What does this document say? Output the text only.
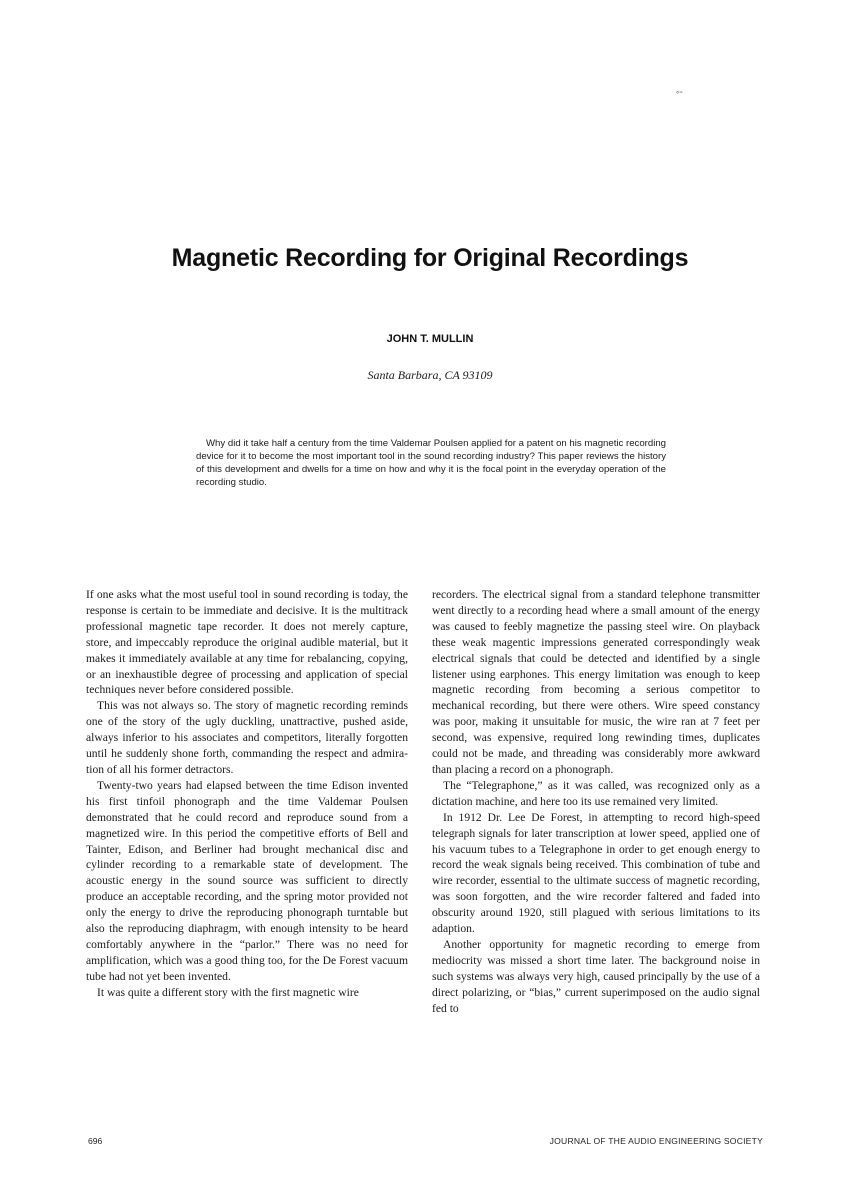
°‘ʻ
Magnetic Recording for Original Recordings
JOHN T. MULLIN
Santa Barbara, CA 93109

Why did it take half a century from the time Valdemar Poulsen applied for a patent on his magnetic recording device for it to become the most important tool in the sound recording industry? This paper reviews the history of this development and dwells for a time on how and why it is the focal point in the everyday operation of the recording studio.

If one asks what the most useful tool in sound recording is today, the response is certain to be immediate and decisive. It is the multitrack professional magnetic tape recorder. It does not merely capture, store, and impeccably reproduce the original audible material, but it makes it immediately available at any time for rebalancing, copying, or an inexhaustible degree of processing and application of special techniques never before considered possible.

This was not always so. The story of magnetic recording reminds one of the story of the ugly duckling, unattractive, pushed aside, always inferior to his associates and competitors, literally forgotten until he suddenly shone forth, commanding the respect and admiration of all his former detractors.

Twenty-two years had elapsed between the time Edison invented his first tinfoil phonograph and the time Valdemar Poulsen demonstrated that he could record and reproduce sound from a magnetized wire. In this period the competitive efforts of Bell and Tainter, Edison, and Berliner had brought mechanical disc and cylinder recording to a remarkable state of development. The acoustic energy in the sound source was sufficient to directly produce an acceptable recording, and the spring motor provided not only the energy to drive the reproducing phonograph turntable but also the reproducing diaphragm, with enough intensity to be heard comfortably anywhere in the “parlor.” There was no need for amplification, which was a good thing too, for the De Forest vacuum tube had not yet been invented.

It was quite a different story with the first magnetic wire

recorders. The electrical signal from a standard telephone transmitter went directly to a recording head where a small amount of the energy was caused to feebly magnetize the passing steel wire. On playback these weak magentic impressions generated correspondingly weak electrical signals that could be detected and identified by a single listener using earphones. This energy limitation was enough to keep magnetic recording from becoming a serious competitor to mechanical recording, but there were others. Wire speed constancy was poor, making it unsuitable for music, the wire ran at 7 feet per second, was expensive, required long rewinding times, duplicates could not be made, and threading was considerably more awkward than placing a record on a phonograph.

The “Telegraphone,” as it was called, was recognized only as a dictation machine, and here too its use remained very limited.

In 1912 Dr. Lee De Forest, in attempting to record high-speed telegraph signals for later transcription at lower speed, applied one of his vacuum tubes to a Telegraphone in order to get enough energy to record the weak signals being received. This combination of tube and wire recorder, essential to the ultimate success of magnetic recording, was soon forgotten, and the wire recorder faltered and faded into obscurity around 1920, still plagued with serious limitations to its adaption.

Another opportunity for magnetic recording to emerge from mediocrity was missed a short time later. The background noise in such systems was always very high, caused principally by the use of a direct polarizing, or “bias,” current superimposed on the audio signal fed to

696	JOURNAL OF THE AUDIO ENGINEERING SOCIETY
